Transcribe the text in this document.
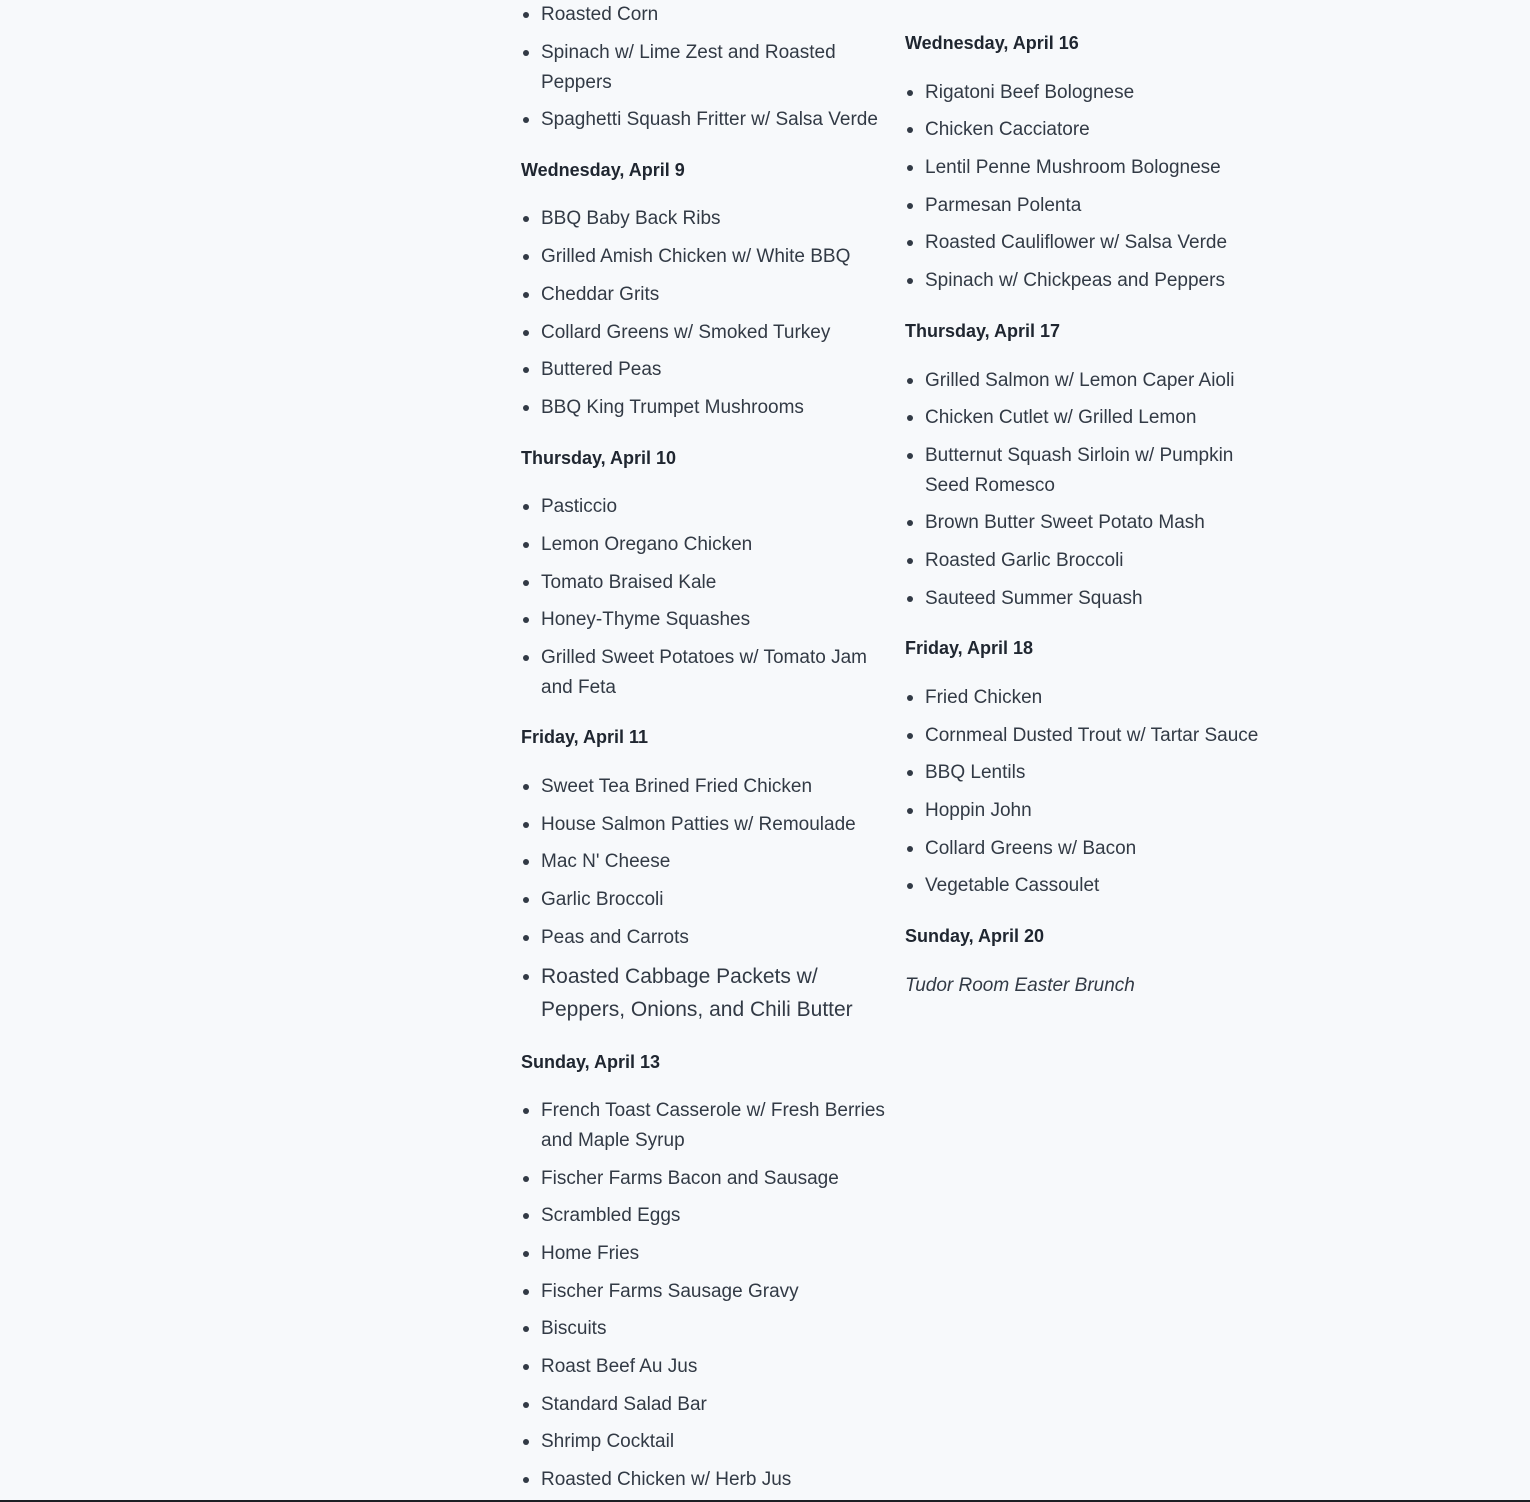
Roasted Corn
Spinach w/ Lime Zest and Roasted Peppers
Spaghetti Squash Fritter w/ Salsa Verde
Wednesday, April 9
BBQ Baby Back Ribs
Grilled Amish Chicken w/ White BBQ
Cheddar Grits
Collard Greens w/ Smoked Turkey
Buttered Peas
BBQ King Trumpet Mushrooms
Thursday, April 10
Pasticcio
Lemon Oregano Chicken
Tomato Braised Kale
Honey-Thyme Squashes
Grilled Sweet Potatoes w/ Tomato Jam and Feta
Friday, April 11
Sweet Tea Brined Fried Chicken
House Salmon Patties w/ Remoulade
Mac N' Cheese
Garlic Broccoli
Peas and Carrots
Roasted Cabbage Packets w/ Peppers, Onions, and Chili Butter
Sunday, April 13
French Toast Casserole w/ Fresh Berries and Maple Syrup
Fischer Farms Bacon and Sausage
Scrambled Eggs
Home Fries
Fischer Farms Sausage Gravy
Biscuits
Roast Beef Au Jus
Standard Salad Bar
Shrimp Cocktail
Roasted Chicken w/ Herb Jus
Wednesday, April 16
Rigatoni Beef Bolognese
Chicken Cacciatore
Lentil Penne Mushroom Bolognese
Parmesan Polenta
Roasted Cauliflower w/ Salsa Verde
Spinach w/ Chickpeas and Peppers
Thursday, April 17
Grilled Salmon w/ Lemon Caper Aioli
Chicken Cutlet w/ Grilled Lemon
Butternut Squash Sirloin w/ Pumpkin Seed Romesco
Brown Butter Sweet Potato Mash
Roasted Garlic Broccoli
Sauteed Summer Squash
Friday, April 18
Fried Chicken
Cornmeal Dusted Trout w/ Tartar Sauce
BBQ Lentils
Hoppin John
Collard Greens w/ Bacon
Vegetable Cassoulet
Sunday, April 20
Tudor Room Easter Brunch
